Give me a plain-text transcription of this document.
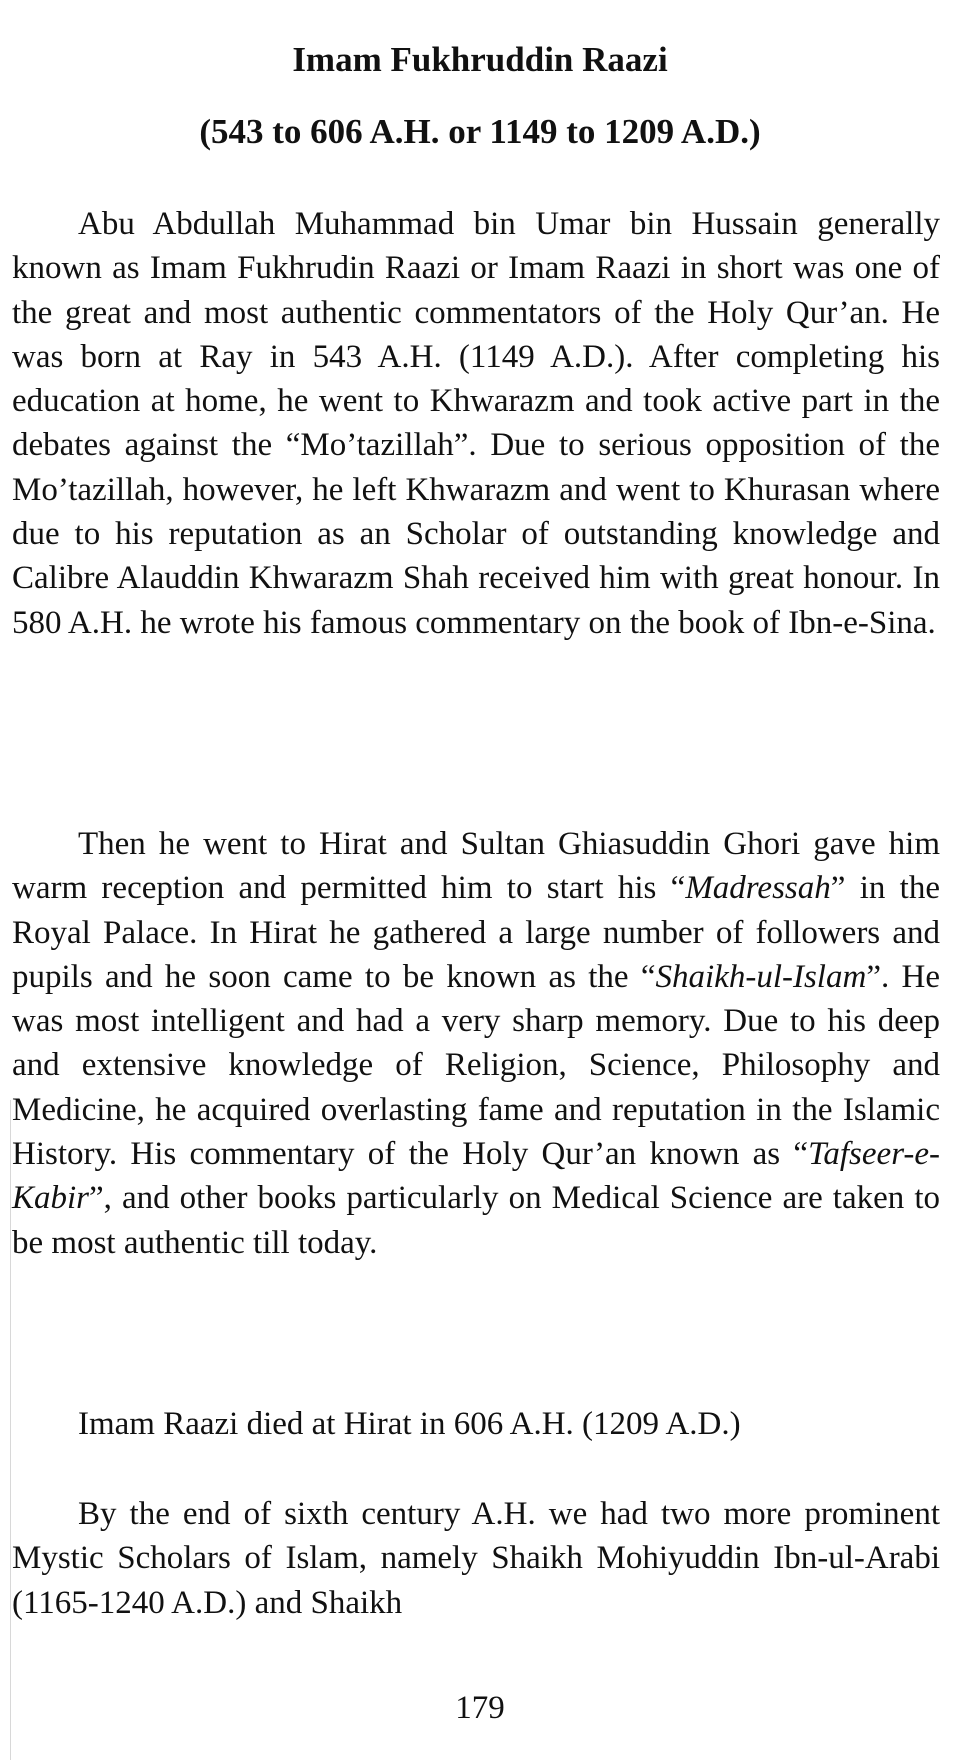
Imam Fukhruddin Raazi
(543 to 606 A.H. or 1149 to 1209 A.D.)

Abu Abdullah Muhammad bin Umar bin Hussain generally known as Imam Fukhrudin Raazi or Imam Raazi in short was one of the great and most authentic commentators of the Holy Qur’an. He was born at Ray in 543 A.H. (1149 A.D.). After completing his education at home, he went to Khwarazm and took active part in the debates against the “Mo’tazillah”. Due to serious opposition of the Mo’tazillah, however, he left Khwarazm and went to Khurasan where due to his reputation as an Scholar of outstanding knowledge and Calibre Alauddin Khwarazm Shah received him with great honour. In 580 A.H. he wrote his famous commentary on the book of Ibn-e-Sina.

Then he went to Hirat and Sultan Ghiasuddin Ghori gave him warm reception and permitted him to start his “Madressah” in the Royal Palace. In Hirat he gathered a large number of followers and pupils and he soon came to be known as the “Shaikh-ul-Islam”. He was most intelligent and had a very sharp memory. Due to his deep and extensive knowledge of Religion, Science, Philosophy and Medicine, he acquired overlasting fame and reputation in the Islamic History. His commentary of the Holy Qur’an known as “Tafseer-e-Kabir”, and other books particularly on Medical Science are taken to be most authentic till today.

Imam Raazi died at Hirat in 606 A.H. (1209 A.D.)

By the end of sixth century A.H. we had two more prominent Mystic Scholars of Islam, namely Shaikh Mohiyuddin Ibn-ul-Arabi (1165-1240 A.D.) and Shaikh

179
